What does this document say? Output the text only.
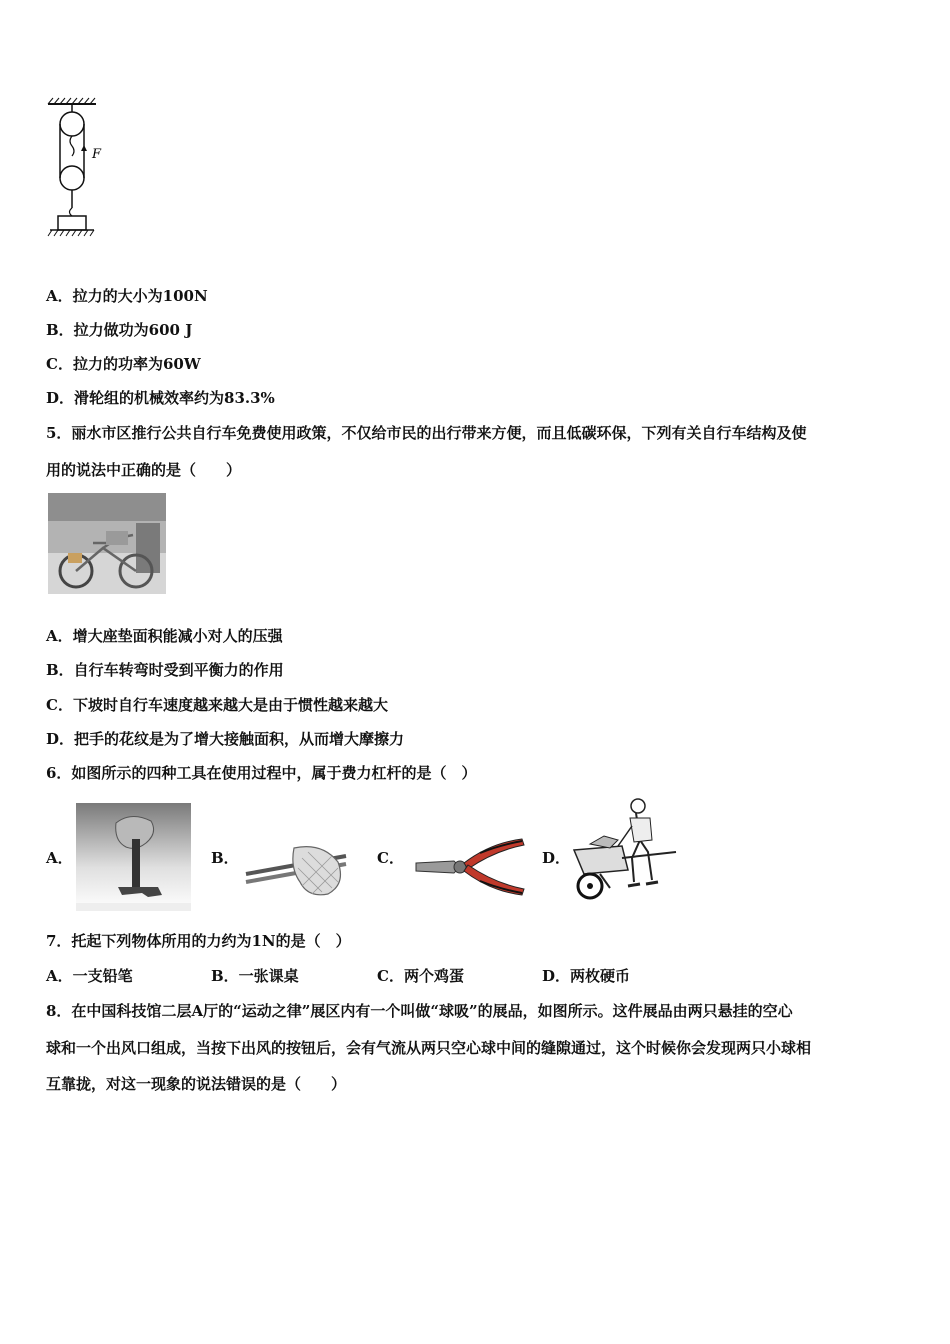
F
A．拉力的大小为100N
B．拉力做功为600 J
C．拉力的功率为60W
D．滑轮组的机械效率约为83.3%
5．丽水市区推行公共自行车免费使用政策，不仅给市民的出行带来方便，而且低碳环保，下列有关自行车结构及使
用的说法中正确的是（　　）
A．增大座垫面积能减小对人的压强
B．自行车转弯时受到平衡力的作用
C．下坡时自行车速度越来越大是由于惯性越来越大
D．把手的花纹是为了增大接触面积，从而增大摩擦力
6．如图所示的四种工具在使用过程中，属于费力杠杆的是（　）
A．	B．	C．	D．
7．托起下列物体所用的力约为1N的是（　）
A．一支铅笔	B．一张课桌	C．两个鸡蛋	D．两枚硬币
8．在中国科技馆二层A厅的“运动之律”展区内有一个叫做“球吸”的展品，如图所示。这件展品由两只悬挂的空心
球和一个出风口组成，当按下出风的按钮后，会有气流从两只空心球中间的缝隙通过，这个时候你会发现两只小球相
互靠拢，对这一现象的说法错误的是（　　）
